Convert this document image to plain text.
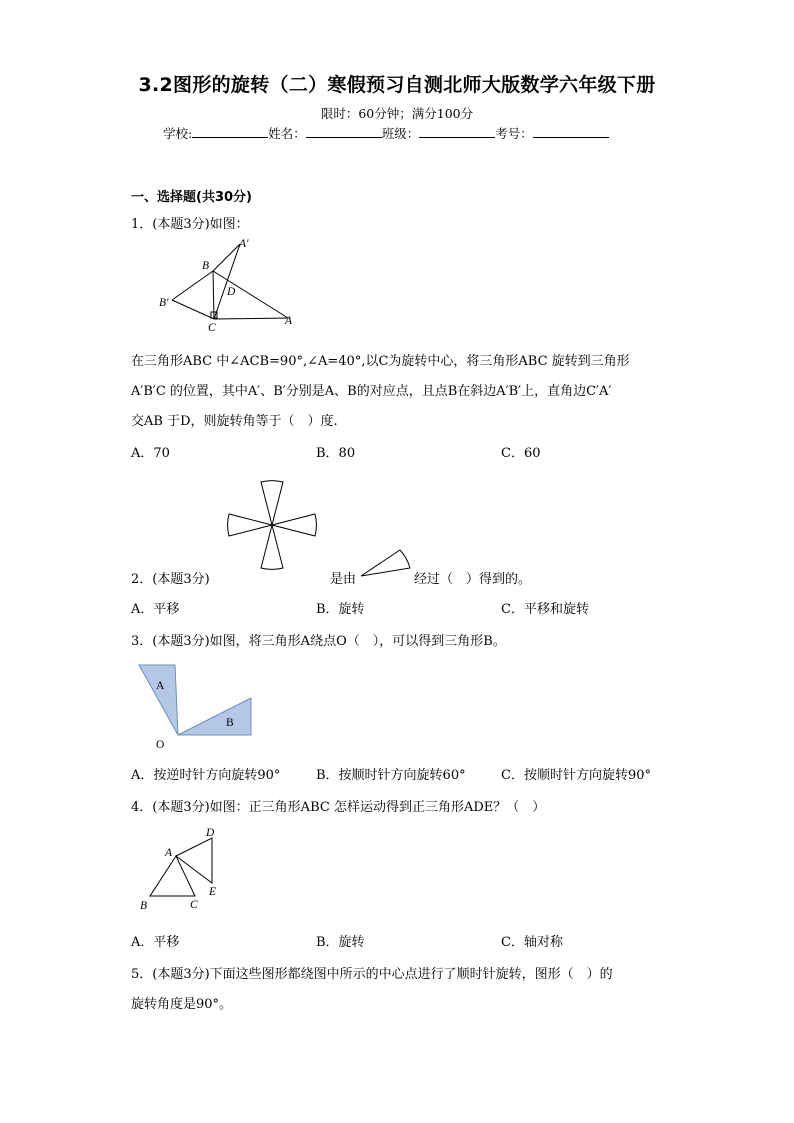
3.2图形的旋转（二）寒假预习自测北师大版数学六年级下册
限时：60分钟；满分100分
学校:	姓名：	班级：	考号：
一、选择题(共30分)
1．(本题3分)如图：
A′
B
D
B′
C
A
在三角形ABC 中∠ACB=90°,∠A=40°,以C为旋转中心，将三角形ABC 旋转到三角形
A′B′C 的位置，其中A′、B′分别是A、B的对应点，且点B在斜边A′B′上，直角边C′A′
交AB 于D，则旋转角等于（　）度.
A．70	B．80	C．60
2．(本题3分)	是由	经过（　）得到的。
A．平移	B．旋转	C．平移和旋转
3．(本题3分)如图，将三角形A绕点O（　），可以得到三角形B。
A
B
O
A．按逆时针方向旋转90°	B．按顺时针方向旋转60°	C．按顺时针方向旋转90°
4．(本题3分)如图：正三角形ABC 怎样运动得到正三角形ADE？（　）
D
A
E
B	C
A．平移	B．旋转	C．轴对称
5．(本题3分)下面这些图形都绕图中所示的中心点进行了顺时针旋转，图形（　）的
旋转角度是90°。
